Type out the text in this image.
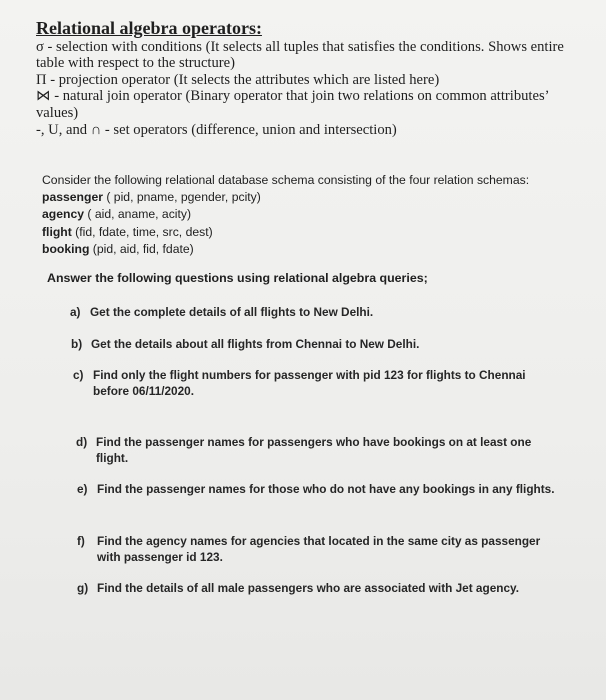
Relational algebra operators:
σ - selection with conditions (It selects all tuples that satisfies the conditions. Shows entire
table with respect to the structure)
Π - projection operator (It selects the attributes which are listed here)
⋈ - natural join operator (Binary operator that join two relations on common attributes’
values)
-, U, and ∩ - set operators (difference, union and intersection)
Consider the following relational database schema consisting of the four relation schemas:
passenger ( pid, pname, pgender, pcity)
agency ( aid, aname, acity)
flight (fid, fdate, time, src, dest)
booking (pid, aid, fid, fdate)
Answer the following questions using relational algebra queries;
a) Get the complete details of all flights to New Delhi.
b) Get the details about all flights from Chennai to New Delhi.
c) Find only the flight numbers for passenger with pid 123 for flights to Chennai before 06/11/2020.
d) Find the passenger names for passengers who have bookings on at least one flight.
e) Find the passenger names for those who do not have any bookings in any flights.
f)	Find the agency names for agencies that located in the same city as passenger with passenger id 123.
g) Find the details of all male passengers who are associated with Jet agency.
